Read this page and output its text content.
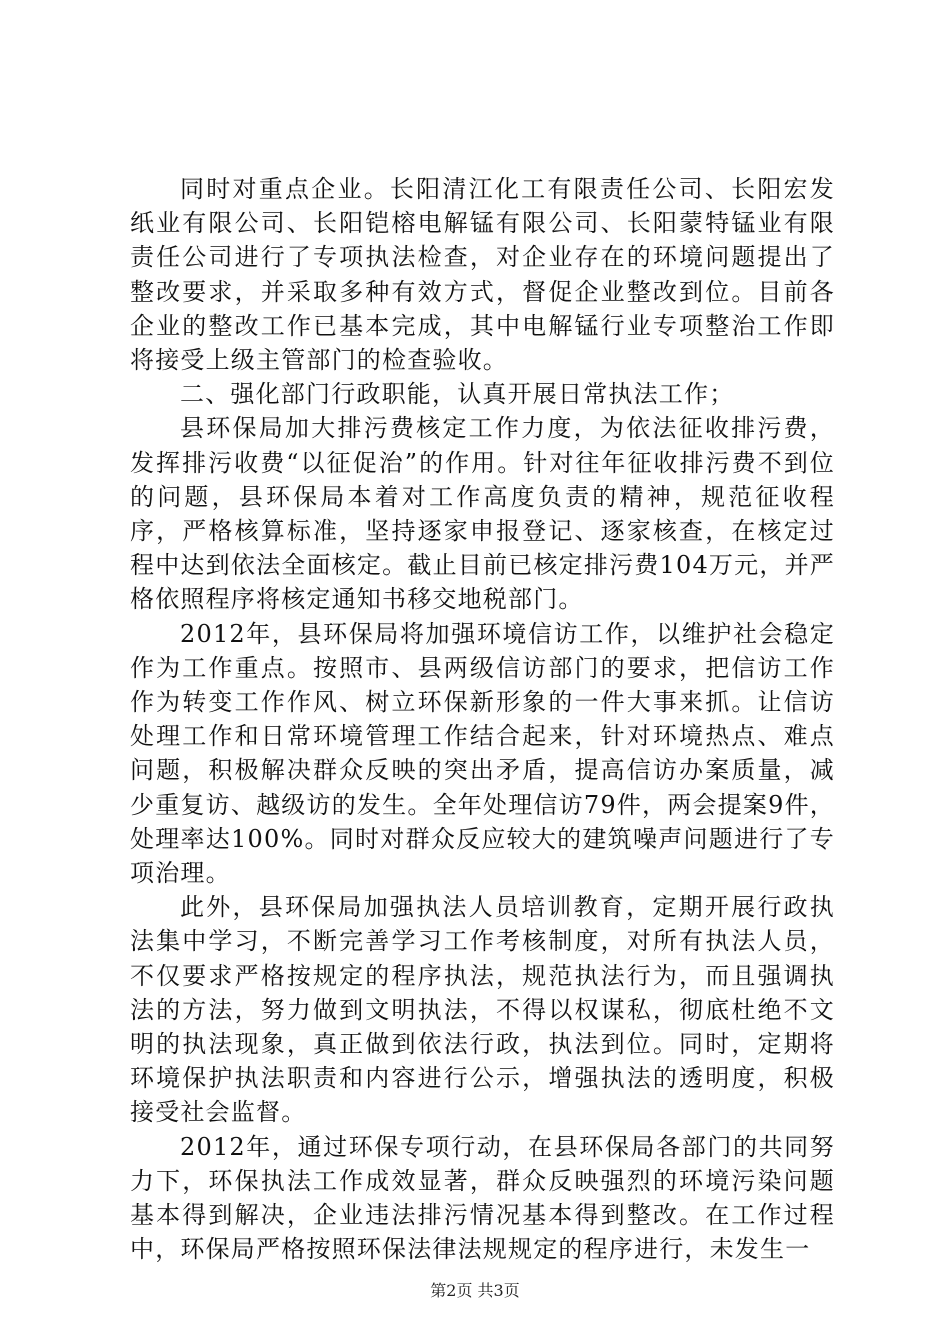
同时对重点企业。长阳清江化工有限责任公司、长阳宏发纸业有限公司、长阳铠榕电解锰有限公司、长阳蒙特锰业有限责任公司进行了专项执法检查，对企业存在的环境问题提出了整改要求，并采取多种有效方式，督促企业整改到位。目前各企业的整改工作已基本完成，其中电解锰行业专项整治工作即将接受上级主管部门的检查验收。

二、强化部门行政职能，认真开展日常执法工作；

县环保局加大排污费核定工作力度，为依法征收排污费，发挥排污收费“以征促治”的作用。针对往年征收排污费不到位的问题，县环保局本着对工作高度负责的精神，规范征收程序，严格核算标准，坚持逐家申报登记、逐家核查，在核定过程中达到依法全面核定。截止目前已核定排污费104万元，并严格依照程序将核定通知书移交地税部门。

2012年，县环保局将加强环境信访工作，以维护社会稳定作为工作重点。按照市、县两级信访部门的要求，把信访工作作为转变工作作风、树立环保新形象的一件大事来抓。让信访处理工作和日常环境管理工作结合起来，针对环境热点、难点问题，积极解决群众反映的突出矛盾，提高信访办案质量，减少重复访、越级访的发生。全年处理信访79件，两会提案9件，处理率达100%。同时对群众反应较大的建筑噪声问题进行了专项治理。

此外，县环保局加强执法人员培训教育，定期开展行政执法集中学习，不断完善学习工作考核制度，对所有执法人员，不仅要求严格按规定的程序执法，规范执法行为，而且强调执法的方法，努力做到文明执法，不得以权谋私，彻底杜绝不文明的执法现象，真正做到依法行政，执法到位。同时，定期将环境保护执法职责和内容进行公示，增强执法的透明度，积极接受社会监督。

2012年，通过环保专项行动，在县环保局各部门的共同努力下，环保执法工作成效显著，群众反映强烈的环境污染问题基本得到解决，企业违法排污情况基本得到整改。在工作过程中，环保局严格按照环保法律法规规定的程序进行，未发生一

第2页 共3页
